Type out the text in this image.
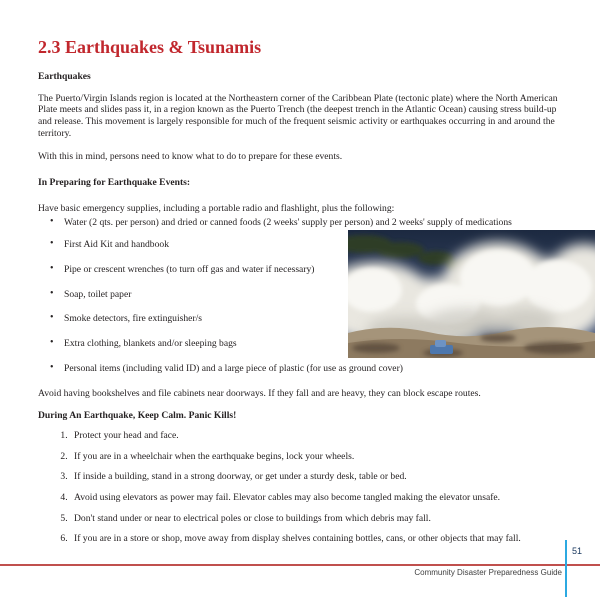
2.3 Earthquakes & Tsunamis

Earthquakes

The Puerto/Virgin Islands region is located at the Northeastern corner of the Caribbean Plate (tectonic plate) where the North American Plate meets and slides pass it, in a region known as the Puerto Trench (the deepest trench in the Atlantic Ocean) causing stress build-up and release. This movement is largely responsible for much of the frequent seismic activity or earthquakes occurring in and around the territory.

With this in mind, persons need to know what to do to prepare for these events.

In Preparing for Earthquake Events:

Have basic emergency supplies, including a portable radio and flashlight, plus the following:

• Water (2 qts. per person) and dried or canned foods (2 weeks' supply per person) and 2 weeks' supply of medications
• First Aid Kit and handbook
• Pipe or crescent wrenches (to turn off gas and water if necessary)
• Soap, toilet paper
• Smoke detectors, fire extinguisher/s
• Extra clothing, blankets and/or sleeping bags
• Personal items (including valid ID) and a large piece of plastic (for use as ground cover)

Avoid having bookshelves and file cabinets near doorways. If they fall and are heavy, they can block escape routes.

During An Earthquake, Keep Calm. Panic Kills!

1. Protect your head and face.
2. If you are in a wheelchair when the earthquake begins, lock your wheels.
3. If inside a building, stand in a strong doorway, or get under a sturdy desk, table or bed.
4. Avoid using elevators as power may fail. Elevator cables may also become tangled making the elevator unsafe.
5. Don't stand under or near to electrical poles or close to buildings from which debris may fall.
6. If you are in a store or shop, move away from display shelves containing bottles, cans, or other objects that may fall.
51
Community Disaster Preparedness Guide
